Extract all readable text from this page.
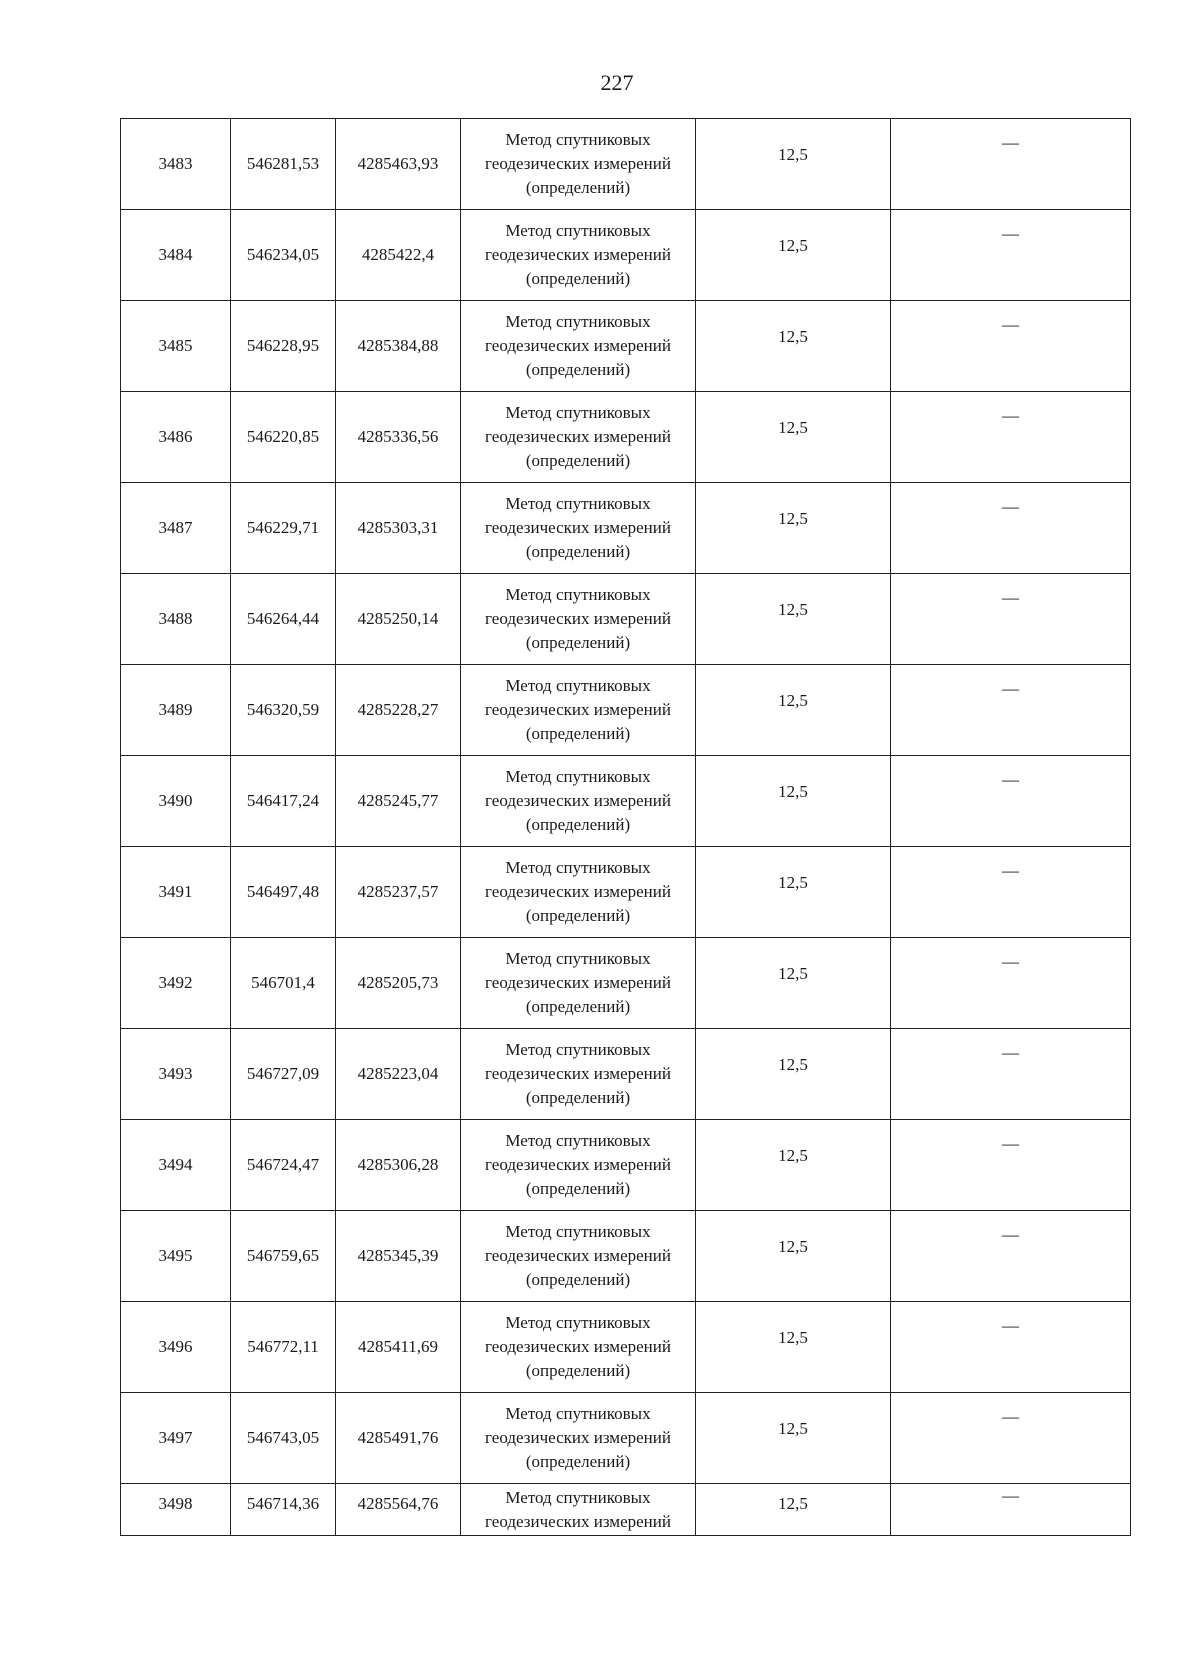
227
3483	546281,53	4285463,93	Метод спутниковых
геодезических измерений
(определений)	12,5	—
3484	546234,05	4285422,4	Метод спутниковых
геодезических измерений
(определений)	12,5	—
3485	546228,95	4285384,88	Метод спутниковых
геодезических измерений
(определений)	12,5	—
3486	546220,85	4285336,56	Метод спутниковых
геодезических измерений
(определений)	12,5	—
3487	546229,71	4285303,31	Метод спутниковых
геодезических измерений
(определений)	12,5	—
3488	546264,44	4285250,14	Метод спутниковых
геодезических измерений
(определений)	12,5	—
3489	546320,59	4285228,27	Метод спутниковых
геодезических измерений
(определений)	12,5	—
3490	546417,24	4285245,77	Метод спутниковых
геодезических измерений
(определений)	12,5	—
3491	546497,48	4285237,57	Метод спутниковых
геодезических измерений
(определений)	12,5	—
3492	546701,4	4285205,73	Метод спутниковых
геодезических измерений
(определений)	12,5	—
3493	546727,09	4285223,04	Метод спутниковых
геодезических измерений
(определений)	12,5	—
3494	546724,47	4285306,28	Метод спутниковых
геодезических измерений
(определений)	12,5	—
3495	546759,65	4285345,39	Метод спутниковых
геодезических измерений
(определений)	12,5	—
3496	546772,11	4285411,69	Метод спутниковых
геодезических измерений
(определений)	12,5	—
3497	546743,05	4285491,76	Метод спутниковых
геодезических измерений
(определений)	12,5	—
3498	546714,36	4285564,76	Метод спутниковых
геодезических измерений	12,5	—
